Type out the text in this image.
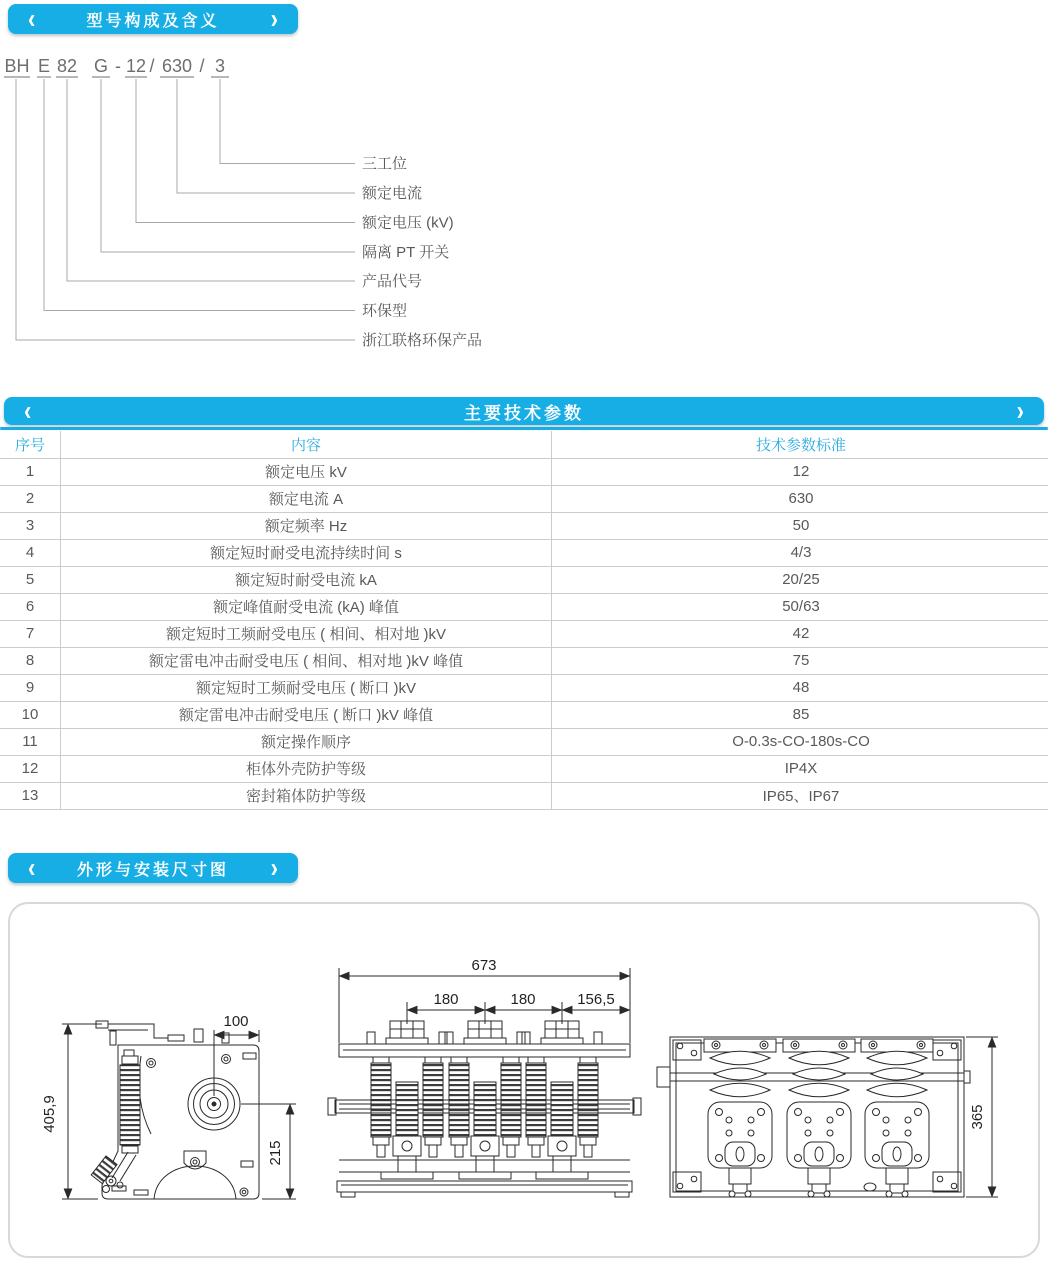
‹	型号构成及含义 ›
BH E 82 G - 12 / 630 / 3
三工位
额定电流
额定电压 (kV)
隔离 PT 开关
产品代号
环保型
浙江联格环保产品
‹	主要技术参数	›
序号	内容	技术参数标准
1	额定电压 kV	12
2	额定电流 A	630
3	额定频率 Hz	50
4	额定短时耐受电流持续时间 s	4/3
5	额定短时耐受电流 kA	20/25
6	额定峰值耐受电流 (kA) 峰值	50/63
7	额定短时工频耐受电压 ( 相间、相对地 )kV	42
8	额定雷电冲击耐受电压 ( 相间、相对地 )kV 峰值	75
9	额定短时工频耐受电压 ( 断口 )kV	48
10	额定雷电冲击耐受电压 ( 断口 )kV 峰值	85
11	额定操作顺序	O-0.3s-CO-180s-CO
12	柜体外壳防护等级	IP4X
13	密封箱体防护等级	IP65、IP67
‹	外形与安装尺寸图 ›
405,9
100
215
673
180	180	156,5
365
